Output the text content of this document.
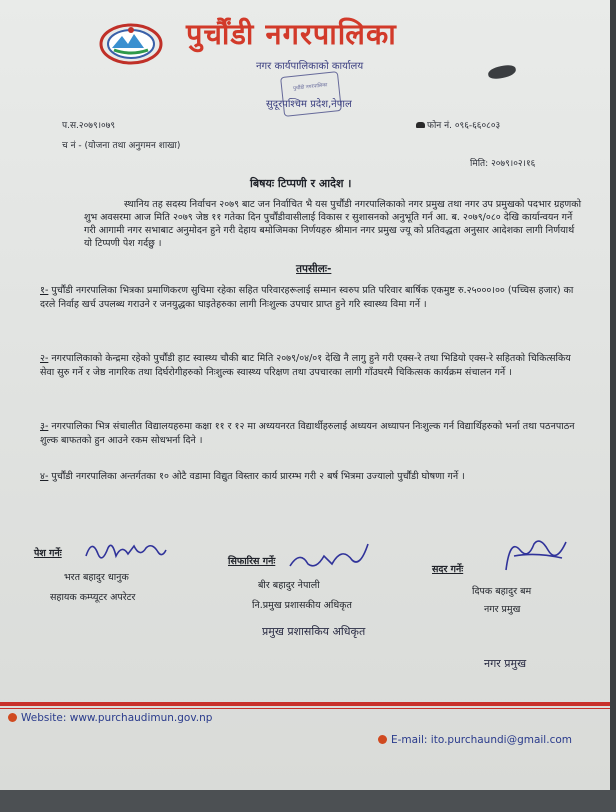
पुर्चौंडी नगरपालिका
नगर कार्यपालिकाको कार्यालय

पुर्चौंडी नगरपालिका
सुदूरपश्चिम प्रदेश,नेपाल
प.स.२०७९।०७९	फोन नं. ०९६-६६०८०३
च नं - (योजना तथा अनुगमन शाखा)
मिति: २०७९।०२।१६
बिषयः टिप्पणी र आदेश ।
स्थानिय तह सदस्य निर्वाचन २०७९ बाट जन निर्वाचित भै यस पुर्चौंडी नगरपालिकाको नगर प्रमुख तथा नगर उप प्रमुखको पदभार ग्रहणको शुभ अवसरमा आज मिति २०७९ जेष्ठ ११ गतेका दिन पुर्चौंडीवासीलाई विकास र सुशासनको अनुभूति गर्न आ. ब. २०७९/०८० देखि कार्यान्वयन गर्ने गरी आगामी नगर सभाबाट अनुमोदन हुने गरी देहाय बमोजिमका निर्णयहरु श्रीमान नगर प्रमुख ज्यू को प्रतिवद्धता अनुसार आदेशका लागी निर्णयार्थ यो टिप्पणी पेश गर्दछु ।
तपसीलः-
१- पुर्चौंडी नगरपालिका भित्रका प्रमाणिकरण सुचिमा रहेका सहित परिवारहरूलाई सम्मान स्वरुप प्रति परिवार बार्षिक एकमुष्ट रु.२५०००।०० (पच्चिस हजार) का दरले निर्वाह खर्च उपलब्ध गराउने र जनयुद्धका घाइतेहरुका लागी निःशुल्क उपचार प्राप्त हुने गरि स्वास्थ्य विमा गर्ने ।
२- नगरपालिकाको केन्द्रमा रहेको पुर्चौंडी हाट स्वास्थ्य चौकी बाट मिति २०७९/०४/०१ देखि नै लागु हुने गरी एक्स-रे तथा भिडियो एक्स-रे सहितको चिकित्सकिय सेवा सुरु गर्ने र जेष्ठ नागरिक तथा दिर्घरोगीहरुको निःशुल्क स्वास्थ्य परिक्षण तथा उपचारका लागी गाँउघरमै चिकित्सक कार्यक्रम संचालन गर्ने ।
३- नगरपालिका भित्र संचालीत विद्यालयहरुमा कक्षा ११ र १२ मा अध्ययनरत विद्यार्थीहरुलाई अध्ययन अध्यापन निःशुल्क गर्न विद्यार्थिहरुको भर्ना तथा पठनपाठन शुल्क बाफतको हुन आउने रकम सोधभर्ना दिने ।
४- पुर्चौंडी नगरपालिका अन्तर्गतका १० ओटै वडामा विद्युत विस्तार कार्य प्रारम्भ गरी २ बर्ष भित्रमा उज्यालो पुर्चौंडी घोषणा गर्ने ।
पेश गर्नेः
भरत बहादुर धानुक
सहायक कम्प्यूटर अपरेटर
सिफारिस गर्नेः
बीर बहादुर नेपाली
नि.प्रमुख प्रशासकीय अधिकृत
प्रमुख प्रशासकिय अधिकृत
सदर गर्नेः
दिपक बहादुर बम
नगर प्रमुख
नगर प्रमुख
Website: www.purchaudimun.gov.np
E-mail: ito.purchaundi@gmail.com
